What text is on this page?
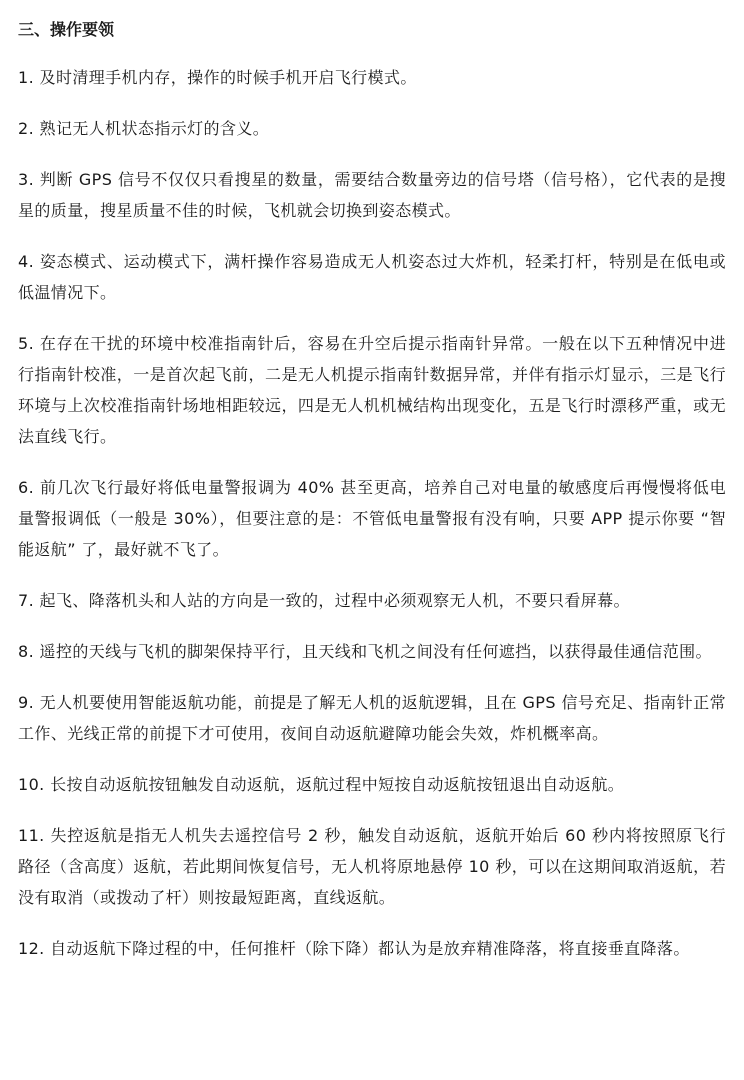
三、操作要领

1. 及时清理手机内存，操作的时候手机开启飞行模式。

2. 熟记无人机状态指示灯的含义。

3. 判断 GPS 信号不仅仅只看搜星的数量，需要结合数量旁边的信号塔（信号格），它代表的是搜星的质量，搜星质量不佳的时候，飞机就会切换到姿态模式。

4. 姿态模式、运动模式下，满杆操作容易造成无人机姿态过大炸机，轻柔打杆，特别是在低电或低温情况下。

5. 在存在干扰的环境中校准指南针后，容易在升空后提示指南针异常。一般在以下五种情况中进行指南针校准，一是首次起飞前，二是无人机提示指南针数据异常，并伴有指示灯显示，三是飞行环境与上次校准指南针场地相距较远，四是无人机机械结构出现变化，五是飞行时漂移严重，或无法直线飞行。

6. 前几次飞行最好将低电量警报调为 40% 甚至更高，培养自己对电量的敏感度后再慢慢将低电量警报调低（一般是 30%），但要注意的是：不管低电量警报有没有响，只要 APP 提示你要 “智能返航” 了，最好就不飞了。

7. 起飞、降落机头和人站的方向是一致的，过程中必须观察无人机，不要只看屏幕。

8. 遥控的天线与飞机的脚架保持平行，且天线和飞机之间没有任何遮挡，以获得最佳通信范围。

9. 无人机要使用智能返航功能，前提是了解无人机的返航逻辑，且在 GPS 信号充足、指南针正常工作、光线正常的前提下才可使用，夜间自动返航避障功能会失效，炸机概率高。

10. 长按自动返航按钮触发自动返航，返航过程中短按自动返航按钮退出自动返航。

11. 失控返航是指无人机失去遥控信号 2 秒，触发自动返航，返航开始后 60 秒内将按照原飞行路径（含高度）返航，若此期间恢复信号，无人机将原地悬停 10 秒，可以在这期间取消返航，若没有取消（或拨动了杆）则按最短距离，直线返航。

12. 自动返航下降过程的中，任何推杆（除下降）都认为是放弃精准降落，将直接垂直降落。
